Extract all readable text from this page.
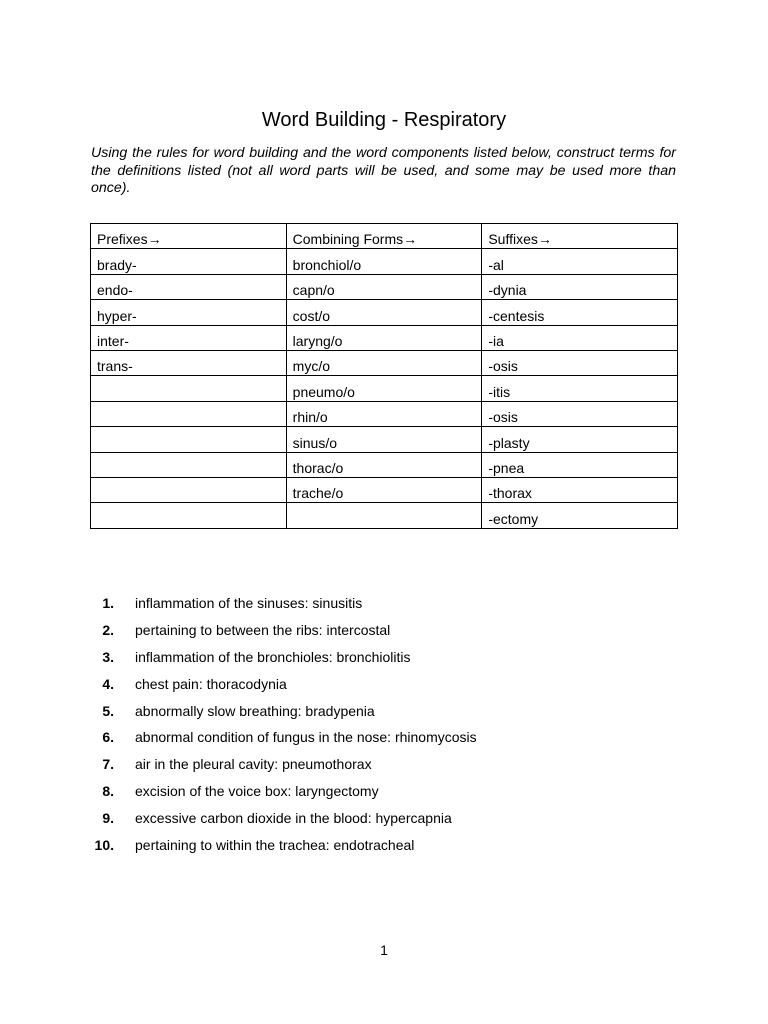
Word Building - Respiratory
Using the rules for word building and the word components listed below, construct terms for the definitions listed (not all word parts will be used, and some may be used more than once).
Prefixes→	Combining Forms→	Suffixes→
brady-	bronchiol/o	-al
endo-	capn/o	-dynia
hyper-	cost/o	-centesis
inter-	laryng/o	-ia
trans-	myc/o	-osis
	pneumo/o	-itis
	rhin/o	-osis
	sinus/o	-plasty
	thorac/o	-pnea
	trache/o	-thorax
		-ectomy
1. inflammation of the sinuses: sinusitis
2. pertaining to between the ribs: intercostal
3. inflammation of the bronchioles: bronchiolitis
4. chest pain: thoracodynia
5. abnormally slow breathing: bradypenia
6. abnormal condition of fungus in the nose: rhinomycosis
7. air in the pleural cavity: pneumothorax
8. excision of the voice box: laryngectomy
9. excessive carbon dioxide in the blood: hypercapnia
10. pertaining to within the trachea: endotracheal
1
